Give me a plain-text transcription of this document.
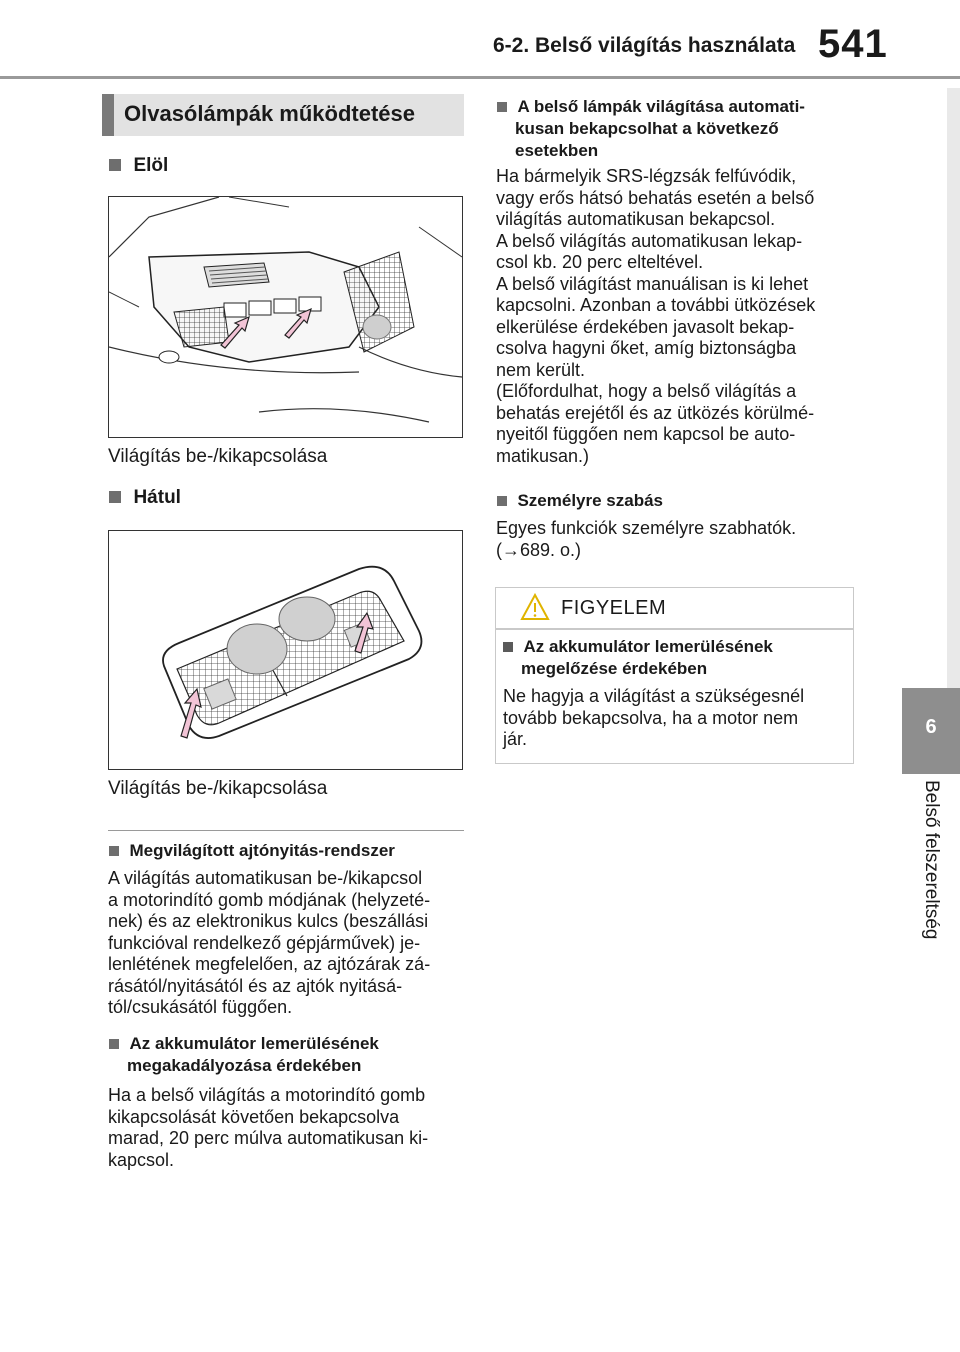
6-2. Belső világítás használata 541
6
Belső felszereltség
Olvasólámpák működtetése
Elöl
Világítás be-/kikapcsolása
Hátul
Világítás be-/kikapcsolása
Megvilágított ajtónyitás-rendszer
A világítás automatikusan be-/kikapcsol
a motorindító gomb módjának (helyzeté-
nek) és az elektronikus kulcs (beszállási
funkcióval rendelkező gépjárművek) je-
lenlétének megfelelően, az ajtózárak zá-
rásától/nyitásától és az ajtók nyitásá-
tól/csukásától függően.
Az akkumulátor lemerülésének
megakadályozása érdekében
Ha a belső világítás a motorindító gomb
kikapcsolását követően bekapcsolva
marad, 20 perc múlva automatikusan ki-
kapcsol.
A belső lámpák világítása automati-
kusan bekapcsolhat a következő
esetekben
Ha bármelyik SRS-légzsák felfúvódik,
vagy erős hátsó behatás esetén a belső
világítás automatikusan bekapcsol.
A belső világítás automatikusan lekap-
csol kb. 20 perc elteltével.
A belső világítást manuálisan is ki lehet
kapcsolni. Azonban a további ütközések
elkerülése érdekében javasolt bekap-
csolva hagyni őket, amíg biztonságba
nem került.
(Előfordulhat, hogy a belső világítás a
behatás erejétől és az ütközés körülmé-
nyeitől függően nem kapcsol be auto-
matikusan.)
Személyre szabás
Egyes funkciók személyre szabhatók.
(→689. o.)
FIGYELEM
Az akkumulátor lemerülésének
megelőzése érdekében
Ne hagyja a világítást a szükségesnél
tovább bekapcsolva, ha a motor nem
jár.
